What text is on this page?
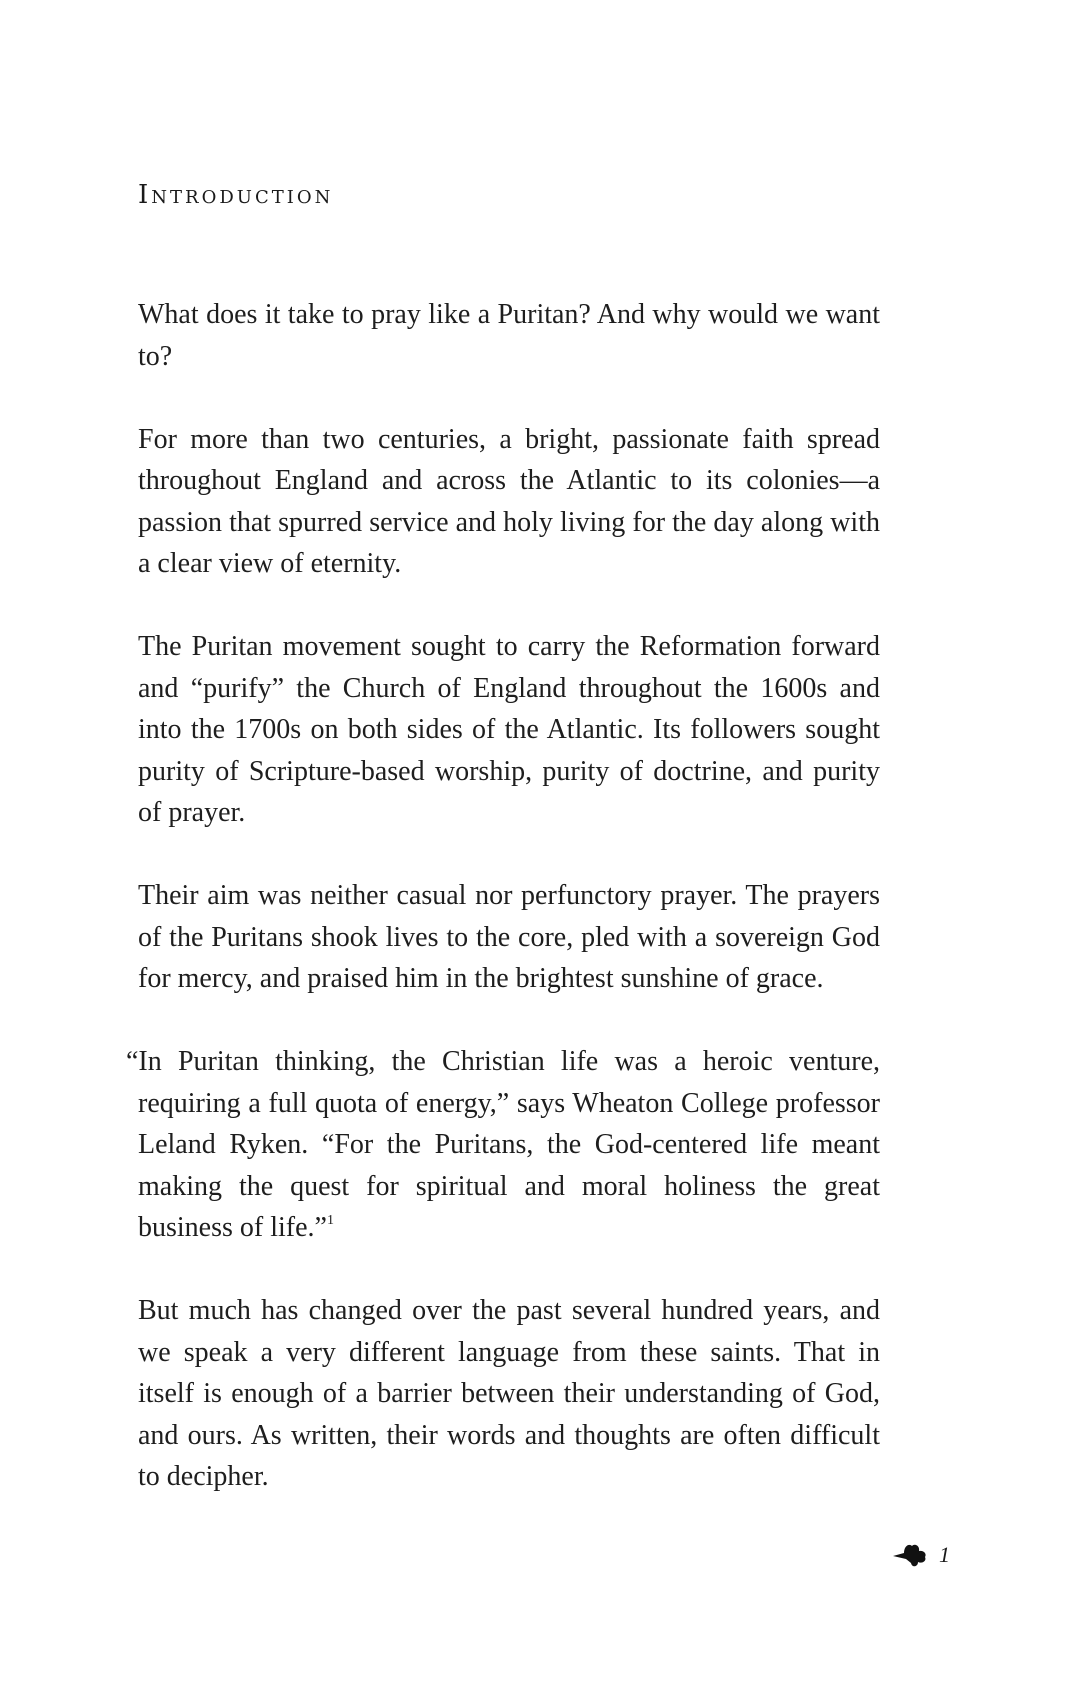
Introduction

What does it take to pray like a Puritan? And why would we want to?

For more than two centuries, a bright, passionate faith spread throughout England and across the Atlantic to its colonies—a passion that spurred service and holy living for the day along with a clear view of eternity.

The Puritan movement sought to carry the Reformation forward and “purify” the Church of England throughout the 1600s and into the 1700s on both sides of the Atlantic. Its followers sought purity of Scripture-based worship, purity of doctrine, and purity of prayer.

Their aim was neither casual nor perfunctory prayer. The prayers of the Puritans shook lives to the core, pled with a sovereign God for mercy, and praised him in the brightest sunshine of grace.

“In Puritan thinking, the Christian life was a heroic venture, requiring a full quota of energy,” says Wheaton College professor Leland Ryken. “For the Puritans, the God-centered life meant making the quest for spiritual and moral holiness the great business of life.”$^1$

But much has changed over the past several hundred years, and we speak a very different language from these saints. That in itself is enough of a barrier between their understanding of God, and ours. As written, their words and thoughts are often difficult to decipher.

1
